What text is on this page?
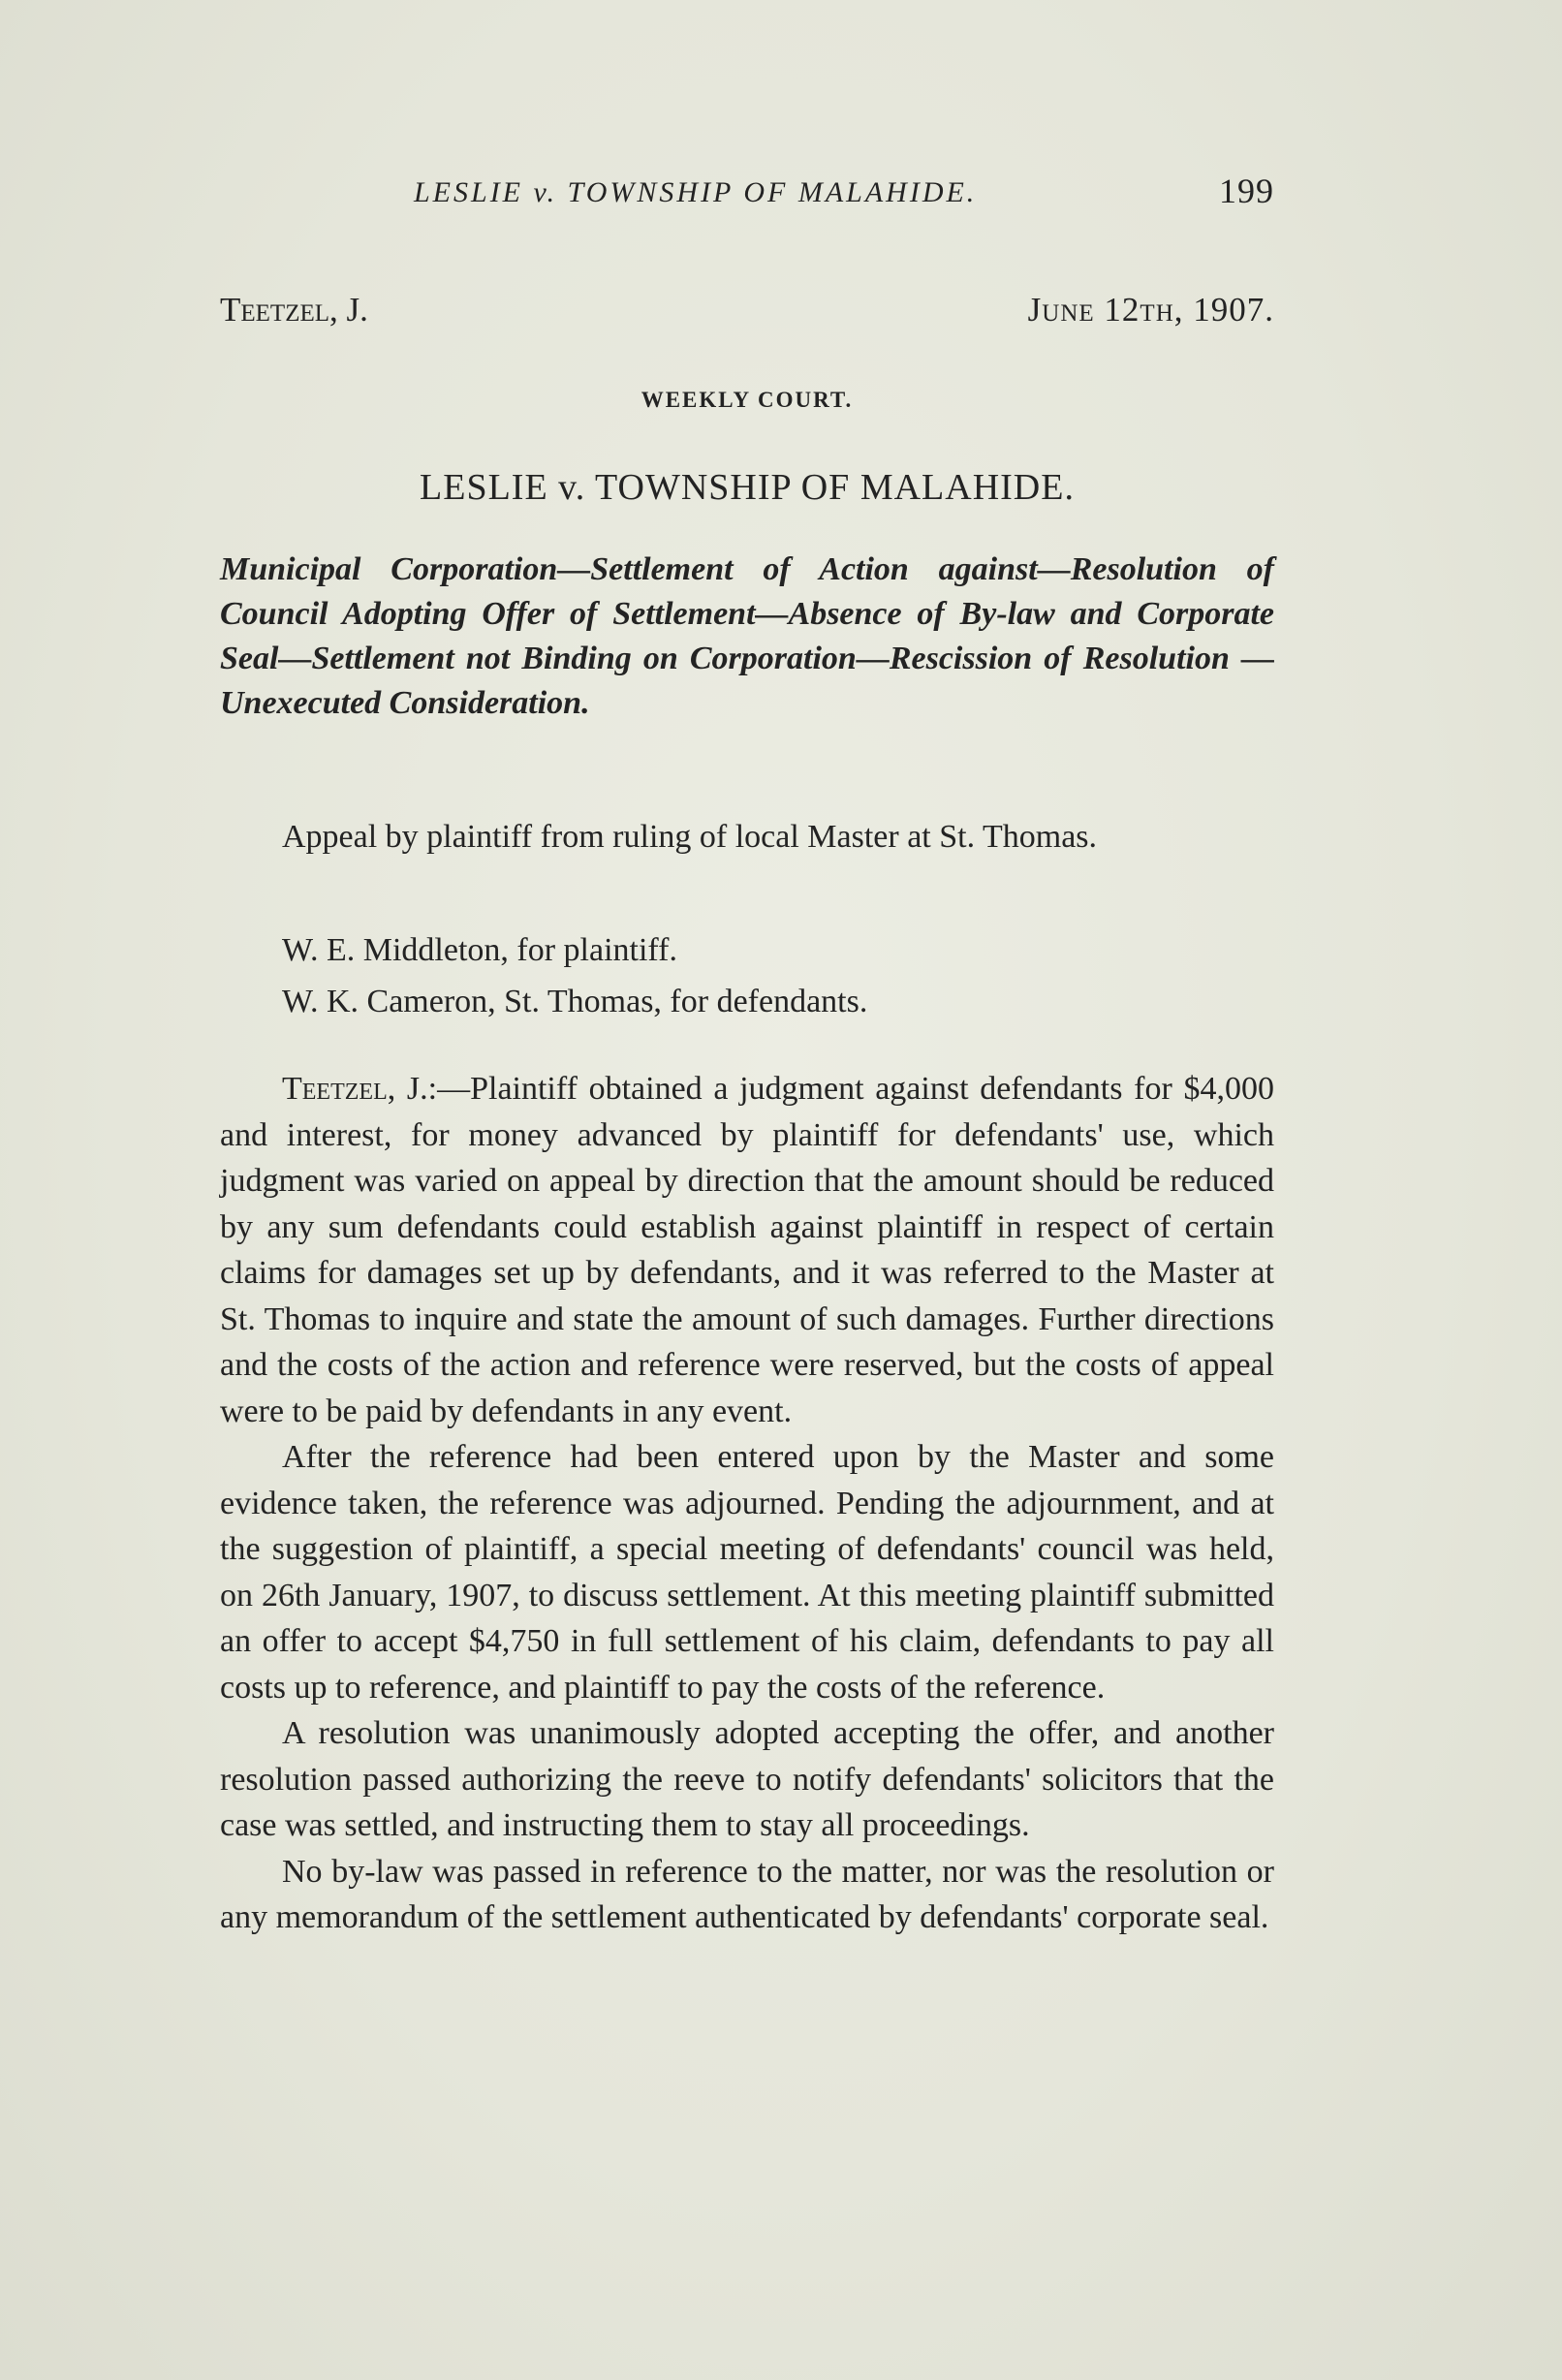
LESLIE v. TOWNSHIP OF MALAHIDE.	199
Teetzel, J.	June 12th, 1907.
WEEKLY COURT.
LESLIE v. TOWNSHIP OF MALAHIDE.
Municipal Corporation—Settlement of Action against—Resolution of Council Adopting Offer of Settlement—Absence of By-law and Corporate Seal—Settlement not Binding on Corporation—Rescission of Resolution — Unexecuted Consideration.

Appeal by plaintiff from ruling of local Master at St. Thomas.

W. E. Middleton, for plaintiff.

W. K. Cameron, St. Thomas, for defendants.

Teetzel, J.:—Plaintiff obtained a judgment against defendants for $4,000 and interest, for money advanced by plaintiff for defendants' use, which judgment was varied on appeal by direction that the amount should be reduced by any sum defendants could establish against plaintiff in respect of certain claims for damages set up by defendants, and it was referred to the Master at St. Thomas to inquire and state the amount of such damages. Further directions and the costs of the action and reference were reserved, but the costs of appeal were to be paid by defendants in any event.

After the reference had been entered upon by the Master and some evidence taken, the reference was adjourned. Pending the adjournment, and at the suggestion of plaintiff, a special meeting of defendants' council was held, on 26th January, 1907, to discuss settlement. At this meeting plaintiff submitted an offer to accept $4,750 in full settlement of his claim, defendants to pay all costs up to reference, and plaintiff to pay the costs of the reference.

A resolution was unanimously adopted accepting the offer, and another resolution passed authorizing the reeve to notify defendants' solicitors that the case was settled, and instructing them to stay all proceedings.

No by-law was passed in reference to the matter, nor was the resolution or any memorandum of the settlement authenticated by defendants' corporate seal.
